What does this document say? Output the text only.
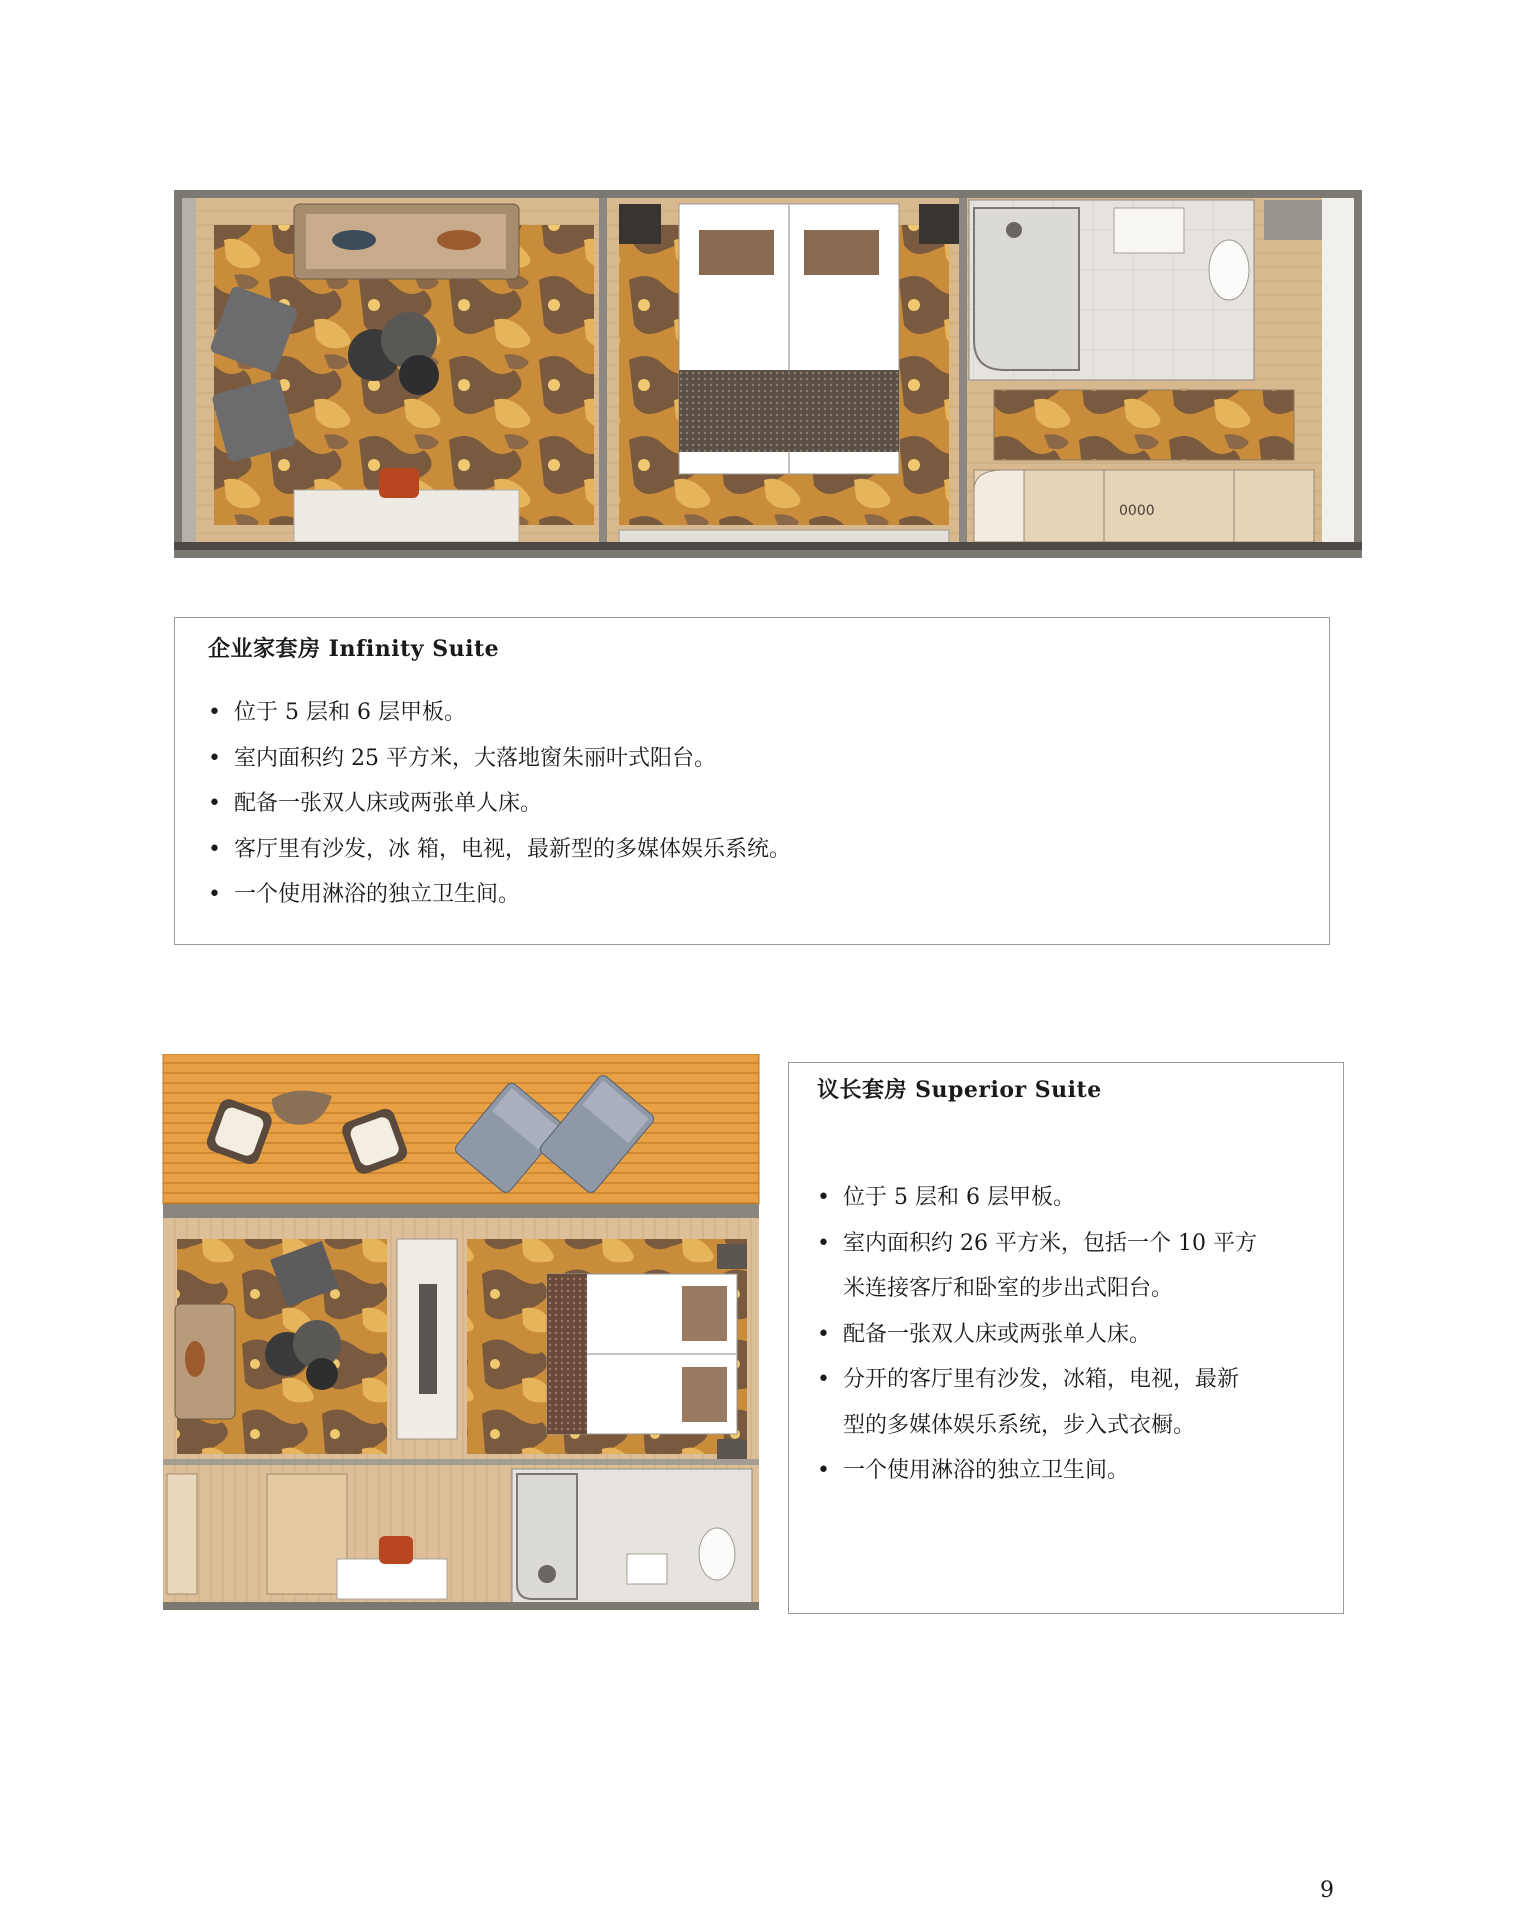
0000
企业家套房 Infinity Suite
• 位于 5 层和 6 层甲板。
• 室内面积约 25 平方米，大落地窗朱丽叶式阳台。
• 配备一张双人床或两张单人床。
• 客厅里有沙发，冰 箱，电视，最新型的多媒体娱乐系统。
• 一个使用淋浴的独立卫生间。
议长套房 Superior Suite
• 位于 5 层和 6 层甲板。
• 室内面积约 26 平方米，包括一个 10 平方
米连接客厅和卧室的步出式阳台。
• 配备一张双人床或两张单人床。
• 分开的客厅里有沙发，冰箱，电视，最新
型的多媒体娱乐系统，步入式衣橱。
• 一个使用淋浴的独立卫生间。
9
